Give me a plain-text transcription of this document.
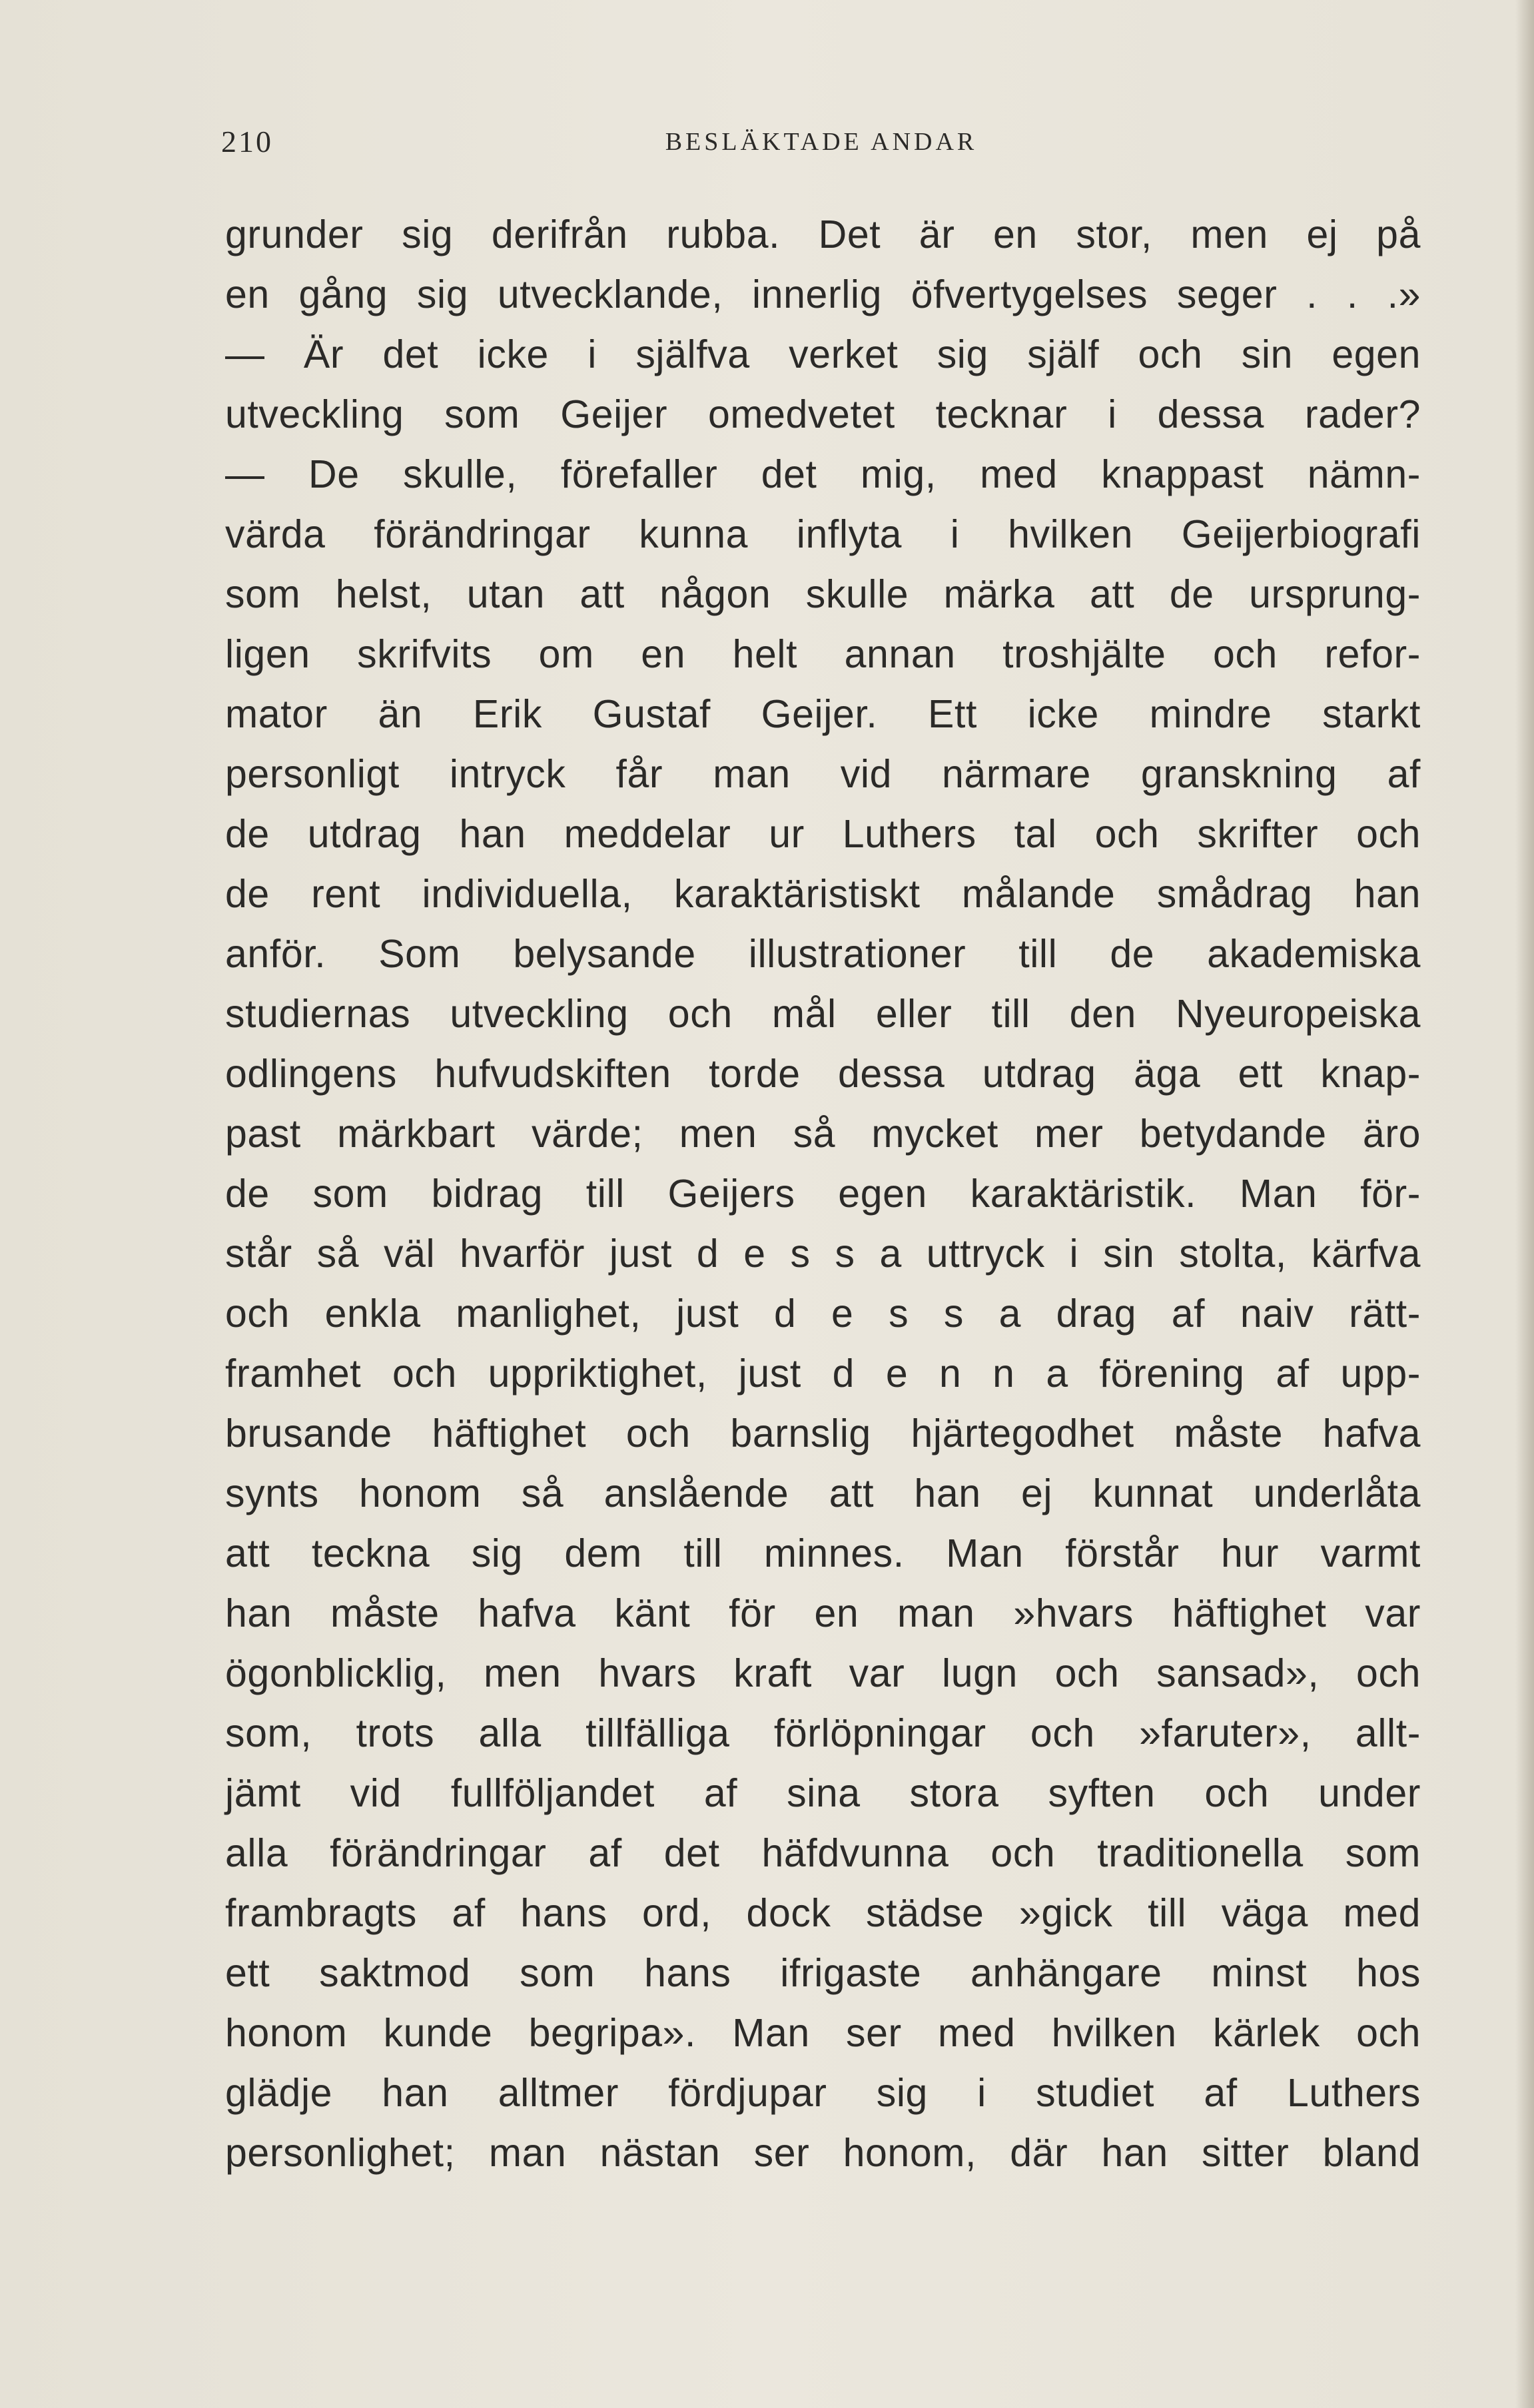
210	BESLÄKTADE ANDAR
grunder sig derifrån rubba. Det är en stor, men ej på
en gång sig utvecklande, innerlig öfvertygelses seger . . .»
— Är det icke i själfva verket sig själf och sin egen
utveckling som Geijer omedvetet tecknar i dessa rader?
— De skulle, förefaller det mig, med knappast nämn-
värda förändringar kunna inflyta i hvilken Geijerbiografi
som helst, utan att någon skulle märka att de ursprung-
ligen skrifvits om en helt annan troshjälte och refor-
mator än Erik Gustaf Geijer. Ett icke mindre starkt
personligt intryck får man vid närmare granskning af
de utdrag han meddelar ur Luthers tal och skrifter och
de rent individuella, karaktäristiskt målande smådrag han
anför. Som belysande illustrationer till de akademiska
studiernas utveckling och mål eller till den Nyeuropeiska
odlingens hufvudskiften torde dessa utdrag äga ett knap-
past märkbart värde; men så mycket mer betydande äro
de som bidrag till Geijers egen karaktäristik. Man för-
står så väl hvarför just d e s s a uttryck i sin stolta, kärfva
och enkla manlighet, just d e s s a drag af naiv rätt-
framhet och uppriktighet, just d e n n a förening af upp-
brusande häftighet och barnslig hjärtegodhet måste hafva
synts honom så anslående att han ej kunnat underlåta
att teckna sig dem till minnes. Man förstår hur varmt
han måste hafva känt för en man »hvars häftighet var
ögonblicklig, men hvars kraft var lugn och sansad», och
som, trots alla tillfälliga förlöpningar och »faruter», allt-
jämt vid fullföljandet af sina stora syften och under
alla förändringar af det häfdvunna och traditionella som
frambragts af hans ord, dock städse »gick till väga med
ett saktmod som hans ifrigaste anhängare minst hos
honom kunde begripa». Man ser med hvilken kärlek och
glädje han alltmer fördjupar sig i studiet af Luthers
personlighet; man nästan ser honom, där han sitter bland
